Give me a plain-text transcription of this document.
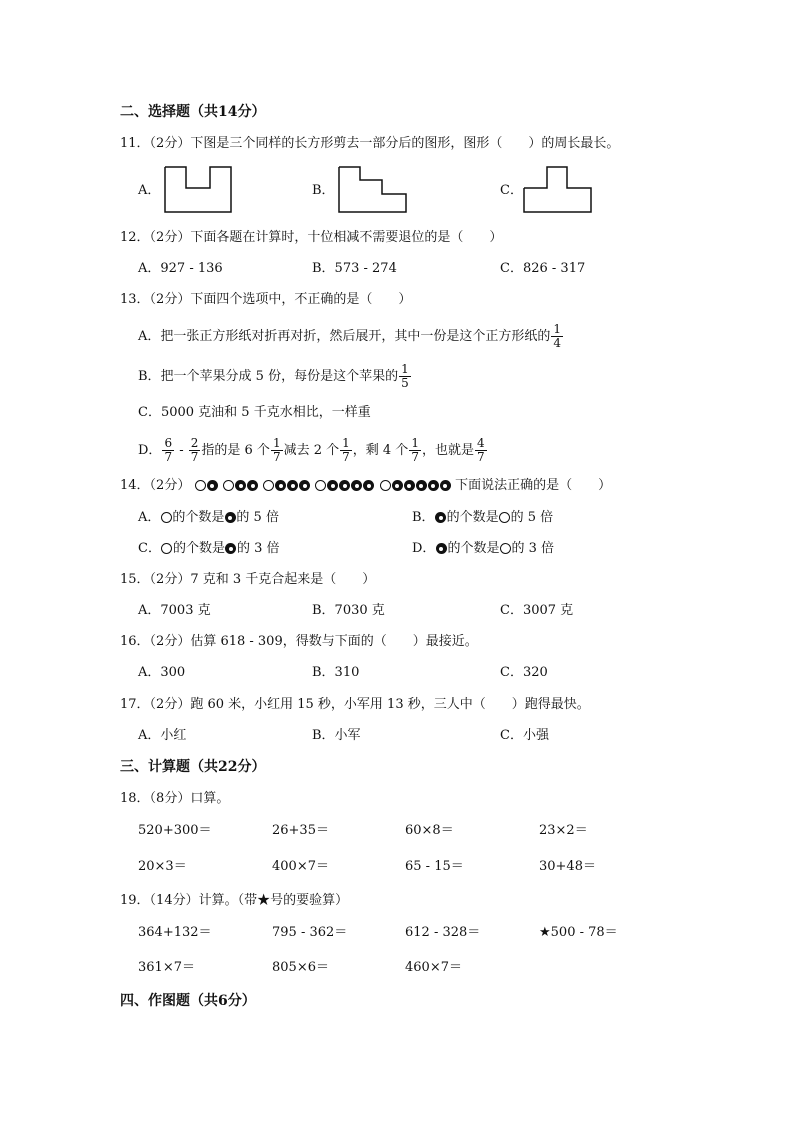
二、选择题（共14分）
11．（2分）下图是三个同样的长方形剪去一部分后的图形，图形（　　）的周长最长。
A．	B．	C．
12．（2分）下面各题在计算时，十位相减不需要退位的是（　　）
A．927 - 136	B．573 - 274	C．826 - 317
13．（2分）下面四个选项中，不正确的是（　　）
A．把一张正方形纸对折再对折，然后展开，其中一份是这个正方形纸的 $\frac{1}{4}$
B．把一个苹果分成 5 份，每份是这个苹果的 $\frac{1}{5}$
C．5000 克油和 5 千克水相比，一样重
D． $\frac{6}{7} - \frac{2}{7}$ 指的是 6 个 $\frac{1}{7}$ 减去 2 个 $\frac{1}{7}$ ，剩 4 个 $\frac{1}{7}$ ，也就是 $\frac{4}{7}$
14．（2分）	下面说法正确的是（　　）
A． 的个数是 的 5 倍	B． 的个数是 的 5 倍
C． 的个数是 的 3 倍	D． 的个数是 的 3 倍
15．（2分）7 克和 3 千克合起来是（　　）
A．7003 克	B．7030 克	C．3007 克
16．（2分）估算 618 - 309，得数与下面的（　　）最接近。
A．300	B．310	C．320
17．（2分）跑 60 米，小红用 15 秒，小军用 13 秒，三人中（　　）跑得最快。
A．小红	B．小军	C．小强
三、计算题（共22分）
18．（8分）口算。
520+300＝	26+35＝	60×8＝	23×2＝
20×3＝	400×7＝	65 - 15＝	30+48＝
19．（14分）计算。（带★号的要验算）
364+132＝	795 - 362＝	612 - 328＝	★500 - 78＝
361×7＝	805×6＝	460×7＝
四、作图题（共6分）
